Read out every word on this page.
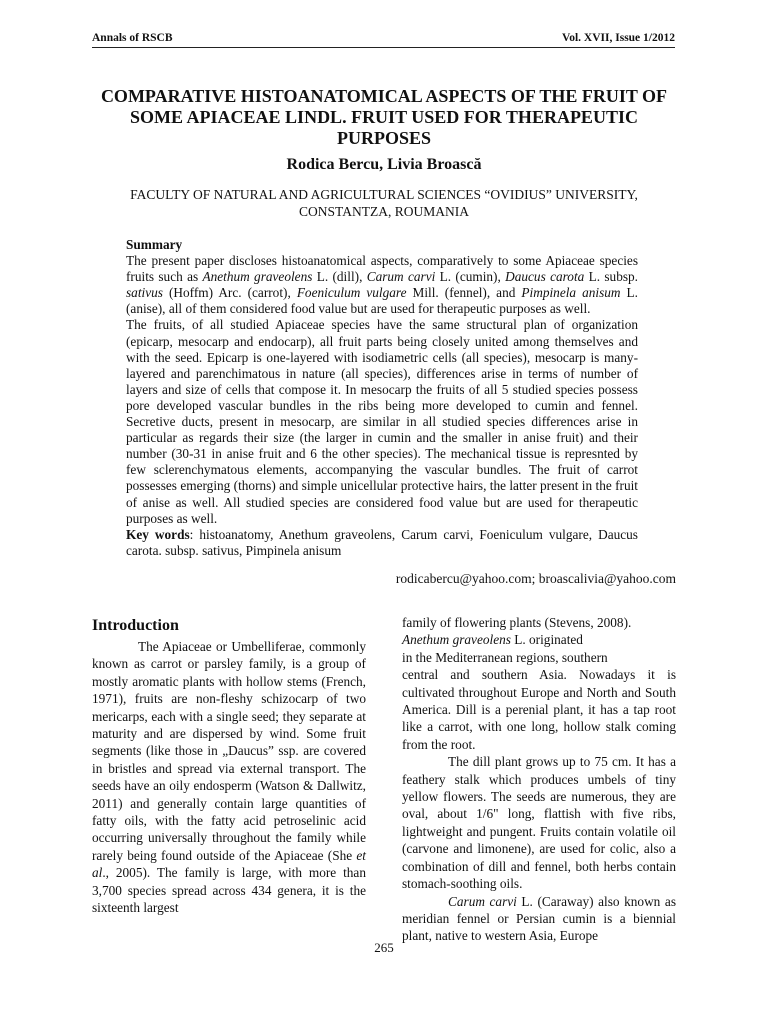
Annals of RSCB	Vol. XVII, Issue 1/2012
COMPARATIVE HISTOANATOMICAL ASPECTS OF THE FRUIT OF SOME APIACEAE LINDL. FRUIT USED FOR THERAPEUTIC PURPOSES
Rodica Bercu, Livia Broască
FACULTY OF NATURAL AND AGRICULTURAL SCIENCES “OVIDIUS” UNIVERSITY, CONSTANTZA, ROUMANIA

Summary

The present paper discloses histoanatomical aspects, comparatively to some Apiaceae species fruits such as Anethum graveolens L. (dill), Carum carvi L. (cumin), Daucus carota L. subsp. sativus (Hoffm) Arc. (carrot), Foeniculum vulgare Mill. (fennel), and Pimpinela anisum L. (anise), all of them considered food value but are used for therapeutic purposes as well.

The fruits, of all studied Apiaceae species have the same structural plan of organization (epicarp, mesocarp and endocarp), all fruit parts being closely united among themselves and with the seed. Epicarp is one-layered with isodiametric cells (all species), mesocarp is many-layered and parenchimatous in nature (all species), differences arise in terms of number of layers and size of cells that compose it. In mesocarp the fruits of all 5 studied species possess pore developed vascular bundles in the ribs being more developed to cumin and fennel. Secretive ducts, present in mesocarp, are similar in all studied species differences arise in particular as regards their size (the larger in cumin and the smaller in anise fruit) and their number (30-31 in anise fruit and 6 the other species). The mechanical tissue is represnted by few sclerenchymatous elements, accompanying the vascular bundles. The fruit of carrot possesses emerging (thorns) and simple unicellular protective hairs, the latter present in the fruit of anise as well. All studied species are considered food value but are used for therapeutic purposes as well.

Key words: histoanatomy, Anethum graveolens, Carum carvi, Foeniculum vulgare, Daucus carota. subsp. sativus, Pimpinela anisum

rodicabercu@yahoo.com; broascalivia@yahoo.com

Introduction

The Apiaceae or Umbelliferae, commonly known as carrot or parsley family, is a group of mostly aromatic plants with hollow stems (French, 1971), fruits are non-fleshy schizocarp of two mericarps, each with a single seed; they separate at maturity and are dispersed by wind. Some fruit segments (like those in „Daucus” ssp. are covered in bristles and spread via external transport. The seeds have an oily endosperm (Watson & Dallwitz, 2011) and generally contain large quantities of fatty oils, with the fatty acid petroselinic acid occurring universally throughout the family while rarely being found outside of the Apiaceae (She et al., 2005). The family is large, with more than 3,700 species spread across 434 genera, it is the sixteenth largest

family of flowering plants (Stevens, 2008).

Anethum graveolens L. originated

in the Mediterranean regions, southern

central and southern Asia. Nowadays it is cultivated throughout Europe and North and South America. Dill is a perenial plant, it has a tap root like a carrot, with one long, hollow stalk coming from the root.

The dill plant grows up to 75 cm. It has a feathery stalk which produces umbels of tiny yellow flowers. The seeds are numerous, they are oval, about 1/6" long, flattish with five ribs, lightweight and pungent. Fruits contain volatile oil (carvone and limonene), are used for colic, also a combination of dill and fennel, both herbs contain stomach-soothing oils.

Carum carvi L. (Caraway) also known as meridian fennel or Persian cumin is a biennial plant, native to western Asia, Europe

265
